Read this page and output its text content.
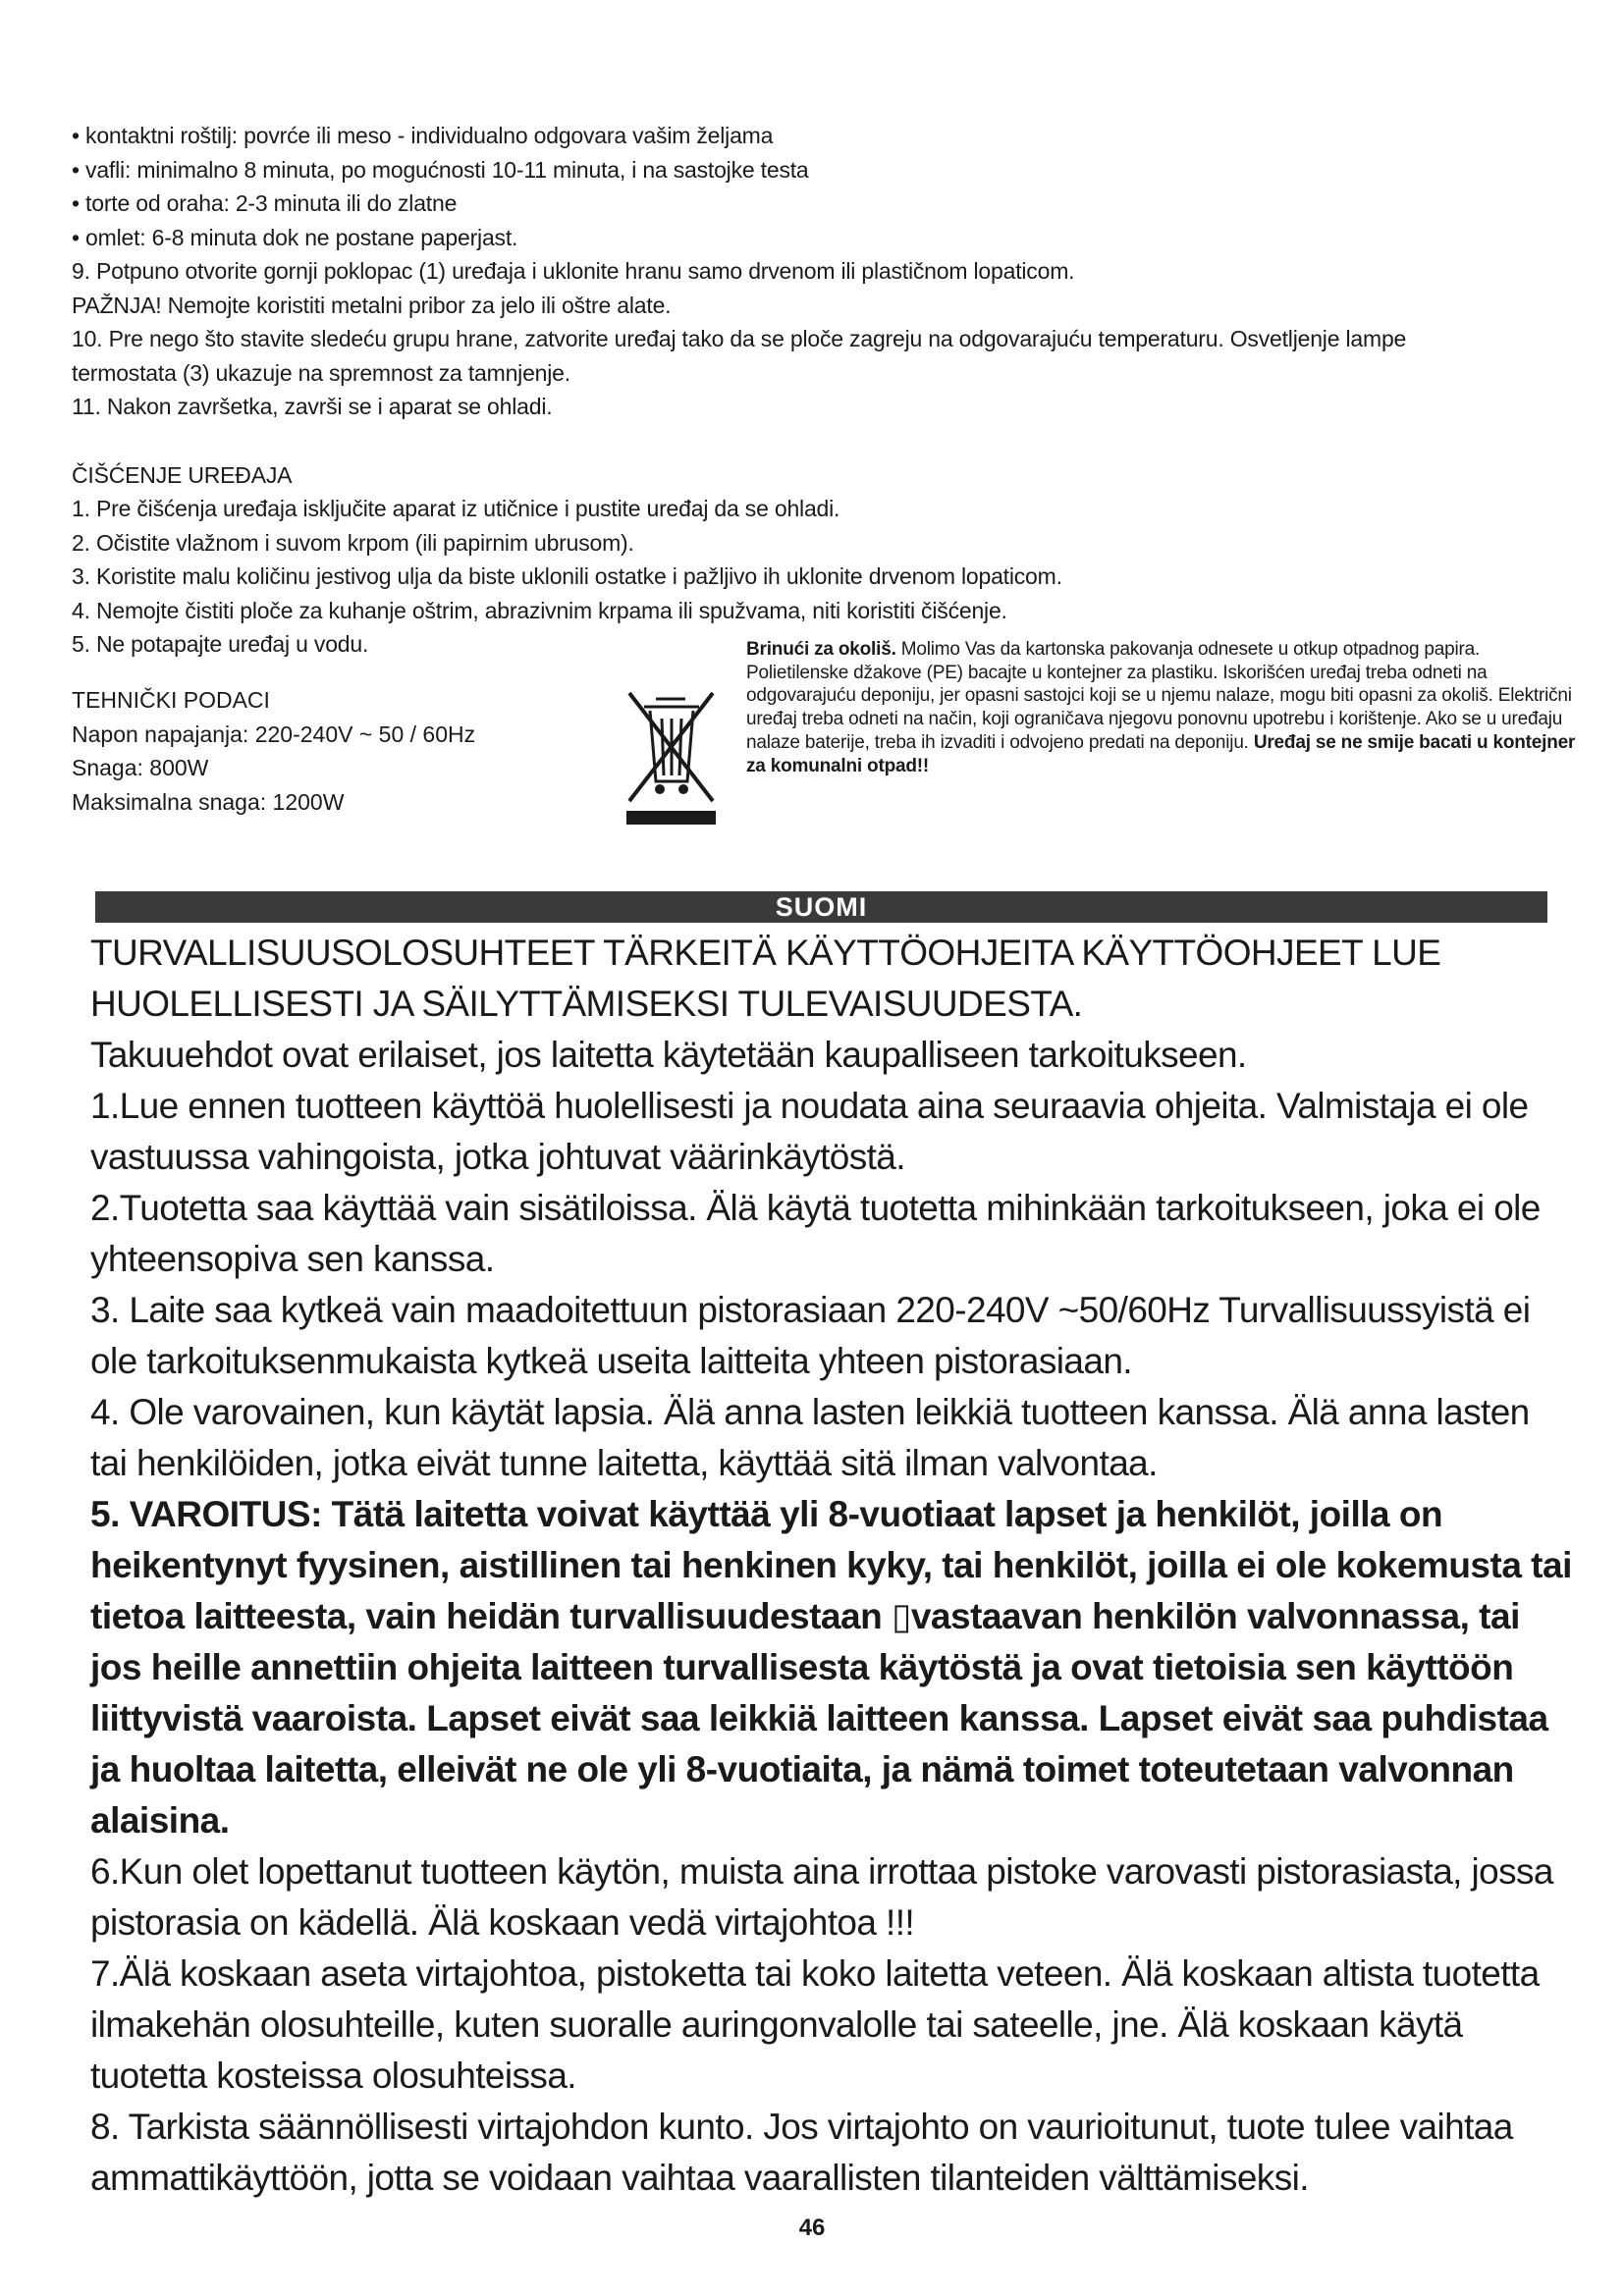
• kontaktni roštilj: povrće ili meso - individualno odgovara vašim željama

• vafli: minimalno 8 minuta, po mogućnosti 10-11 minuta, i na sastojke testa

• torte od oraha: 2-3 minuta ili do zlatne

• omlet: 6-8 minuta dok ne postane paperjast.

9. Potpuno otvorite gornji poklopac (1) uređaja i uklonite hranu samo drvenom ili plastičnom lopaticom.

PAŽNJA! Nemojte koristiti metalni pribor za jelo ili oštre alate.

10. Pre nego što stavite sledeću grupu hrane, zatvorite uređaj tako da se ploče zagreju na odgovarajuću temperaturu. Osvetljenje lampe

termostata (3) ukazuje na spremnost za tamnjenje.

11. Nakon završetka, završi se i aparat se ohladi.

ČIŠĆENJE UREĐAJA

1. Pre čišćenja uređaja isključite aparat iz utičnice i pustite uređaj da se ohladi.

2. Očistite vlažnom i suvom krpom (ili papirnim ubrusom).

3. Koristite malu količinu jestivog ulja da biste uklonili ostatke i pažljivo ih uklonite drvenom lopaticom.

4. Nemojte čistiti ploče za kuhanje oštrim, abrazivnim krpama ili spužvama, niti koristiti čišćenje.

5. Ne potapajte uređaj u vodu.

TEHNIČKI PODACI

Napon napajanja: 220-240V ~ 50 / 60Hz

Snaga: 800W

Maksimalna snaga: 1200W

Brinući za okoliš. Molimo Vas da kartonska pakovanja odnesete u otkup otpadnog papira. Polietilenske džakove (PE) bacajte u kontejner za plastiku. Iskorišćen uređaj treba odneti na odgovarajuću deponiju, jer opasni sastojci koji se u njemu nalaze, mogu biti opasni za okoliš. Električni uređaj treba odneti na način, koji ograničava njegovu ponovnu upotrebu i korištenje. Ako se u uređaju nalaze baterije, treba ih izvaditi i odvojeno predati na deponiju. Uređaj se ne smije bacati u kontejner za komunalni otpad!!
SUOMI

TURVALLISUUSOLOSUHTEET TÄRKEITÄ KÄYTTÖOHJEITA KÄYTTÖOHJEET LUE HUOLELLISESTI JA SÄILYTTÄMISEKSI TULEVAISUUDESTA.

Takuuehdot ovat erilaiset, jos laitetta käytetään kaupalliseen tarkoitukseen.

1.Lue ennen tuotteen käyttöä huolellisesti ja noudata aina seuraavia ohjeita. Valmistaja ei ole vastuussa vahingoista, jotka johtuvat väärinkäytöstä.

2.Tuotetta saa käyttää vain sisätiloissa. Älä käytä tuotetta mihinkään tarkoitukseen, joka ei ole yhteensopiva sen kanssa.

3. Laite saa kytkeä vain maadoitettuun pistorasiaan 220-240V ~50/60Hz Turvallisuussyistä ei ole tarkoituksenmukaista kytkeä useita laitteita yhteen pistorasiaan.

4. Ole varovainen, kun käytät lapsia. Älä anna lasten leikkiä tuotteen kanssa. Älä anna lasten tai henkilöiden, jotka eivät tunne laitetta, käyttää sitä ilman valvontaa.

5. VAROITUS: Tätä laitetta voivat käyttää yli 8-vuotiaat lapset ja henkilöt, joilla on heikentynyt fyysinen, aistillinen tai henkinen kyky, tai henkilöt, joilla ei ole kokemusta tai tietoa laitteesta, vain heidän turvallisuudestaan ▯vastaavan henkilön valvonnassa, tai jos heille annettiin ohjeita laitteen turvallisesta käytöstä ja ovat tietoisia sen käyttöön liittyvistä vaaroista. Lapset eivät saa leikkiä laitteen kanssa. Lapset eivät saa puhdistaa ja huoltaa laitetta, elleivät ne ole yli 8-vuotiaita, ja nämä toimet toteutetaan valvonnan alaisina.

6.Kun olet lopettanut tuotteen käytön, muista aina irrottaa pistoke varovasti pistorasiasta, jossa pistorasia on kädellä. Älä koskaan vedä virtajohtoa !!!

7.Älä koskaan aseta virtajohtoa, pistoketta tai koko laitetta veteen. Älä koskaan altista tuotetta ilmakehän olosuhteille, kuten suoralle auringonvalolle tai sateelle, jne. Älä koskaan käytä tuotetta kosteissa olosuhteissa.

8. Tarkista säännöllisesti virtajohdon kunto. Jos virtajohto on vaurioitunut, tuote tulee vaihtaa ammattikäyttöön, jotta se voidaan vaihtaa vaarallisten tilanteiden välttämiseksi.

46
